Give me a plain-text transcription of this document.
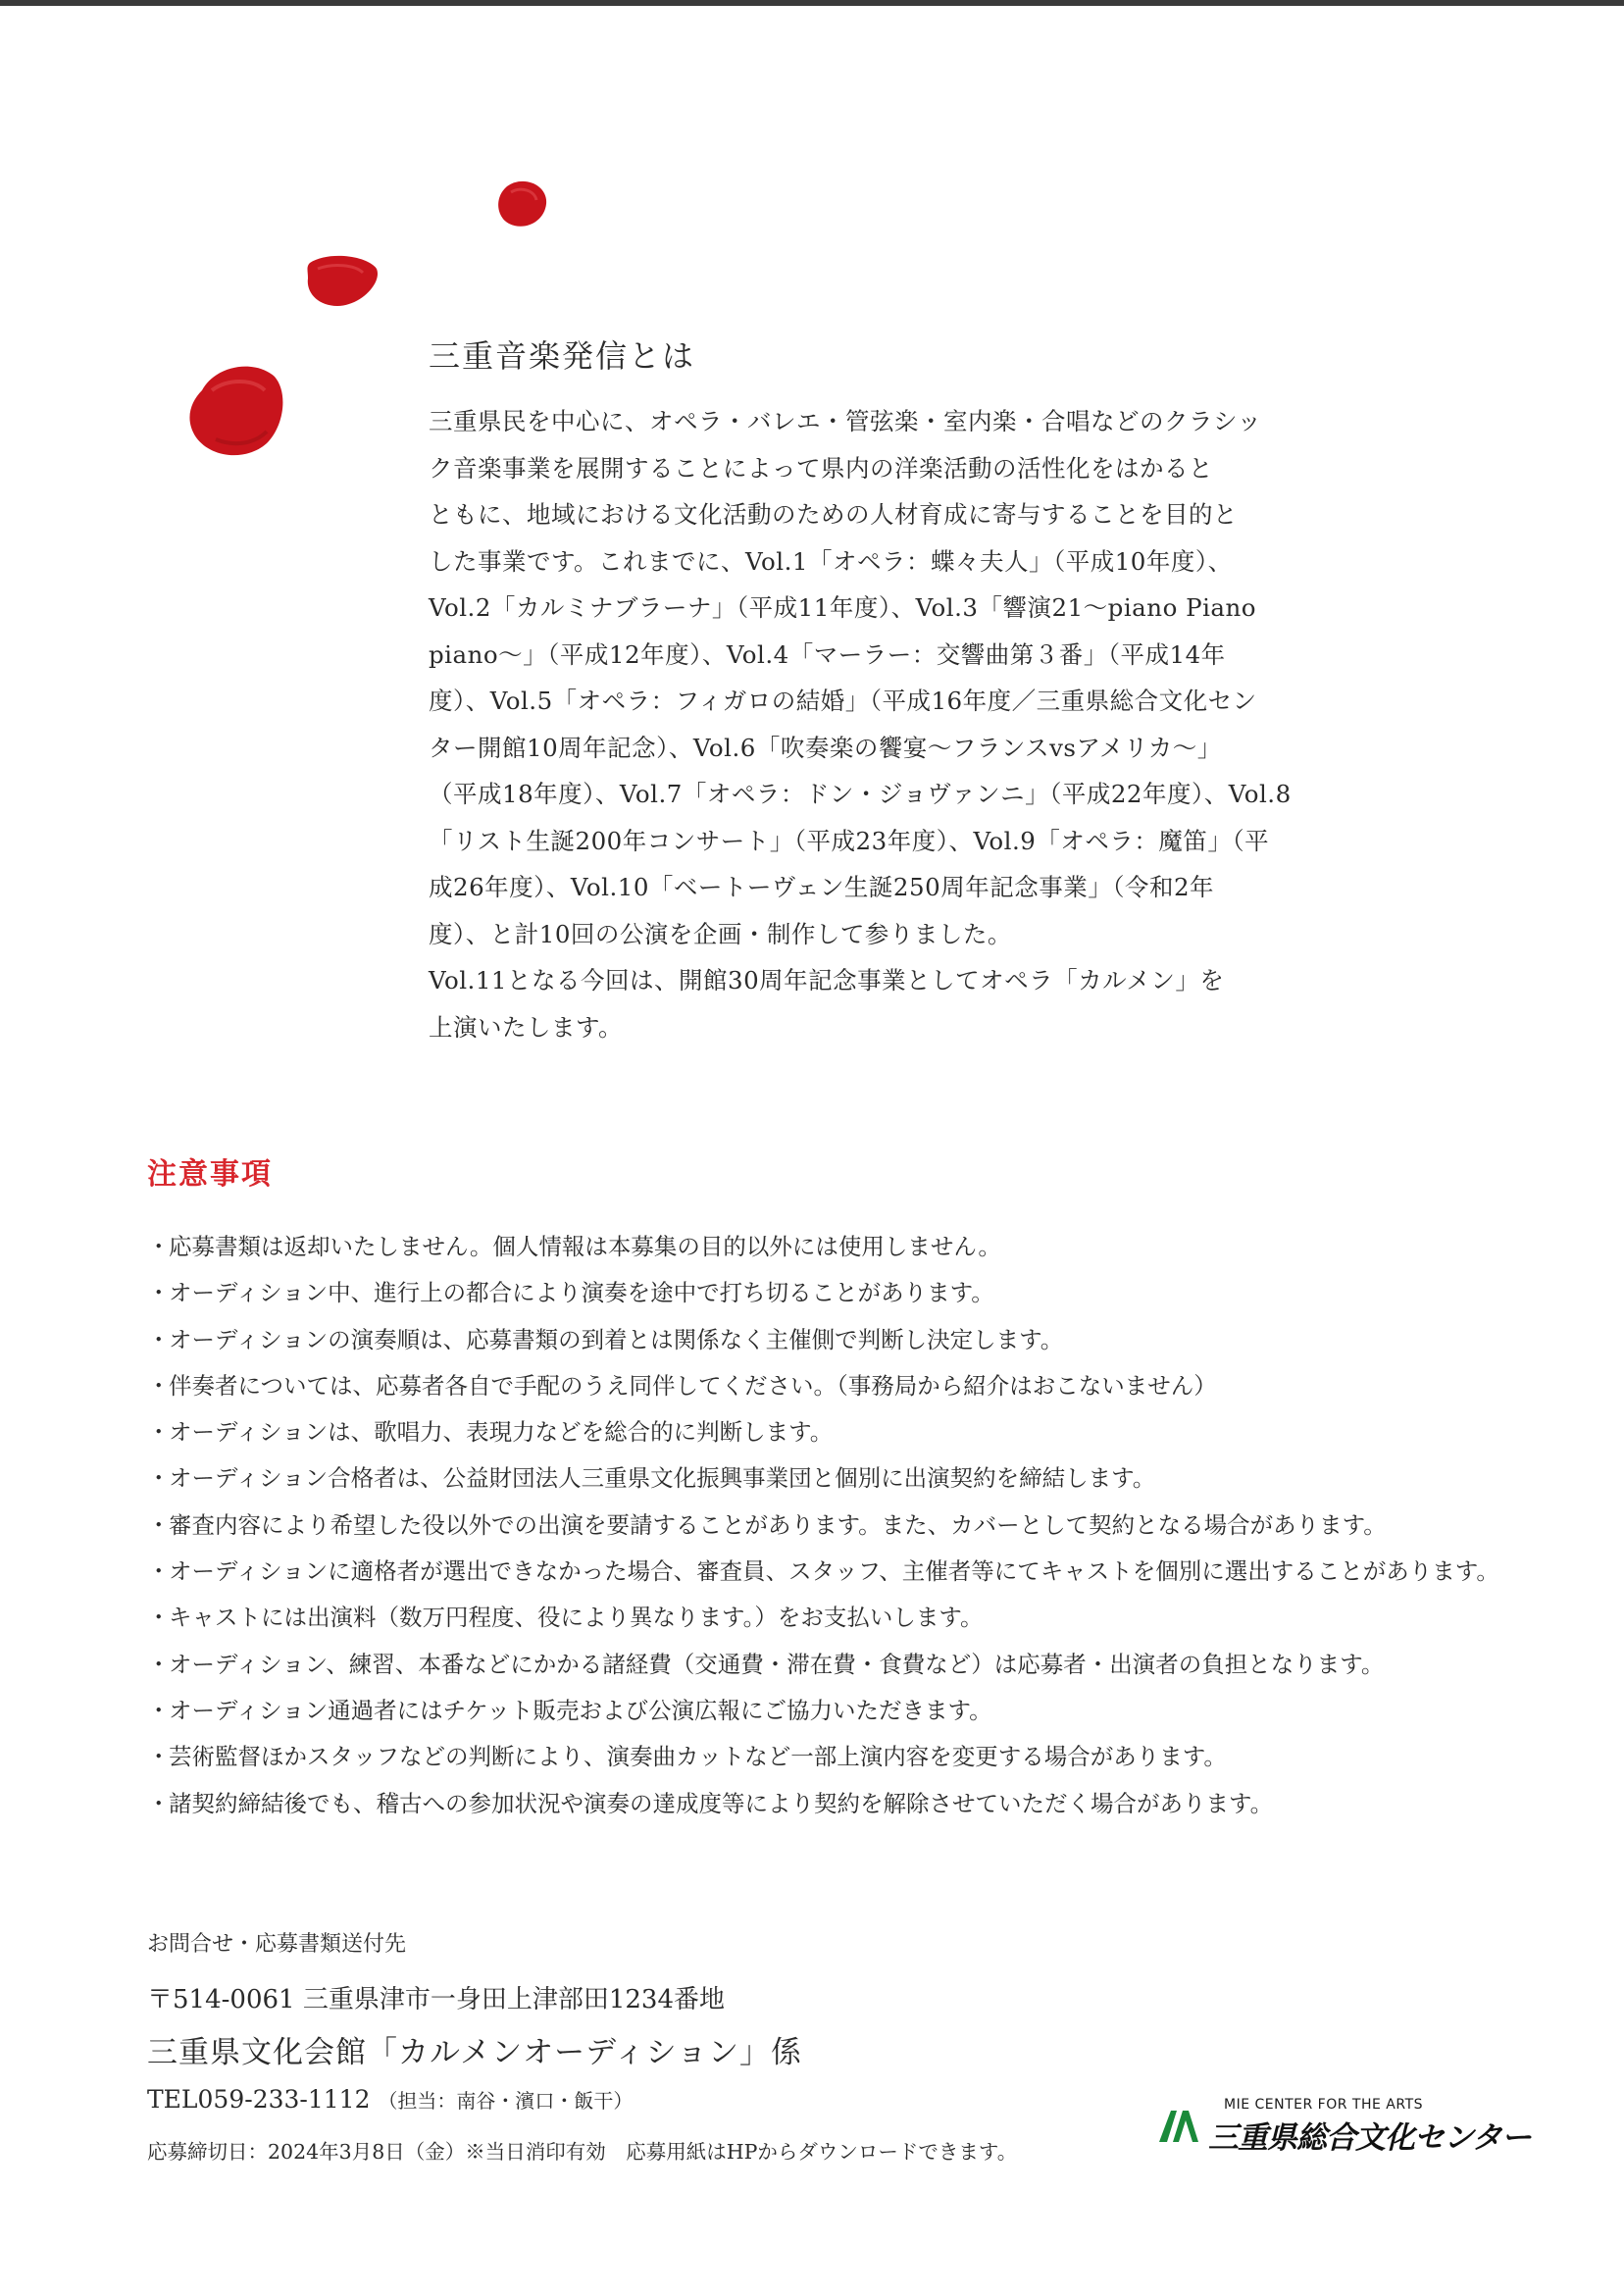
三重音楽発信とは
三重県民を中心に、オペラ・バレエ・管弦楽・室内楽・合唱などのクラシッ
ク音楽事業を展開することによって県内の洋楽活動の活性化をはかると
ともに、地域における文化活動のための人材育成に寄与することを目的と
した事業です。これまでに、Vol.1「オペラ：蝶々夫人」（平成10年度）、
Vol.2「カルミナブラーナ」（平成11年度）、Vol.3「響演21〜piano Piano
piano〜」（平成12年度）、Vol.4「マーラー：交響曲第３番」（平成14年
度）、Vol.5「オペラ：フィガロの結婚」（平成16年度／三重県総合文化セン
ター開館10周年記念）、Vol.6「吹奏楽の饗宴〜フランスvsアメリカ〜」
（平成18年度）、Vol.7「オペラ：ドン・ジョヴァンニ」（平成22年度）、Vol.8
「リスト生誕200年コンサート」（平成23年度）、Vol.9「オペラ：魔笛」（平
成26年度）、Vol.10「ベートーヴェン生誕250周年記念事業」（令和2年
度）、と計10回の公演を企画・制作して参りました。
Vol.11となる今回は、開館30周年記念事業としてオペラ「カルメン」を
上演いたします。
注意事項
・応募書類は返却いたしません。個人情報は本募集の目的以外には使用しません。
・オーディション中、進行上の都合により演奏を途中で打ち切ることがあります。
・オーディションの演奏順は、応募書類の到着とは関係なく主催側で判断し決定します。
・伴奏者については、応募者各自で手配のうえ同伴してください。（事務局から紹介はおこないません）
・オーディションは、歌唱力、表現力などを総合的に判断します。
・オーディション合格者は、公益財団法人三重県文化振興事業団と個別に出演契約を締結します。
・審査内容により希望した役以外での出演を要請することがあります。また、カバーとして契約となる場合があります。
・オーディションに適格者が選出できなかった場合、審査員、スタッフ、主催者等にてキャストを個別に選出することがあります。
・キャストには出演料（数万円程度、役により異なります。）をお支払いします。
・オーディション、練習、本番などにかかる諸経費（交通費・滞在費・食費など）は応募者・出演者の負担となります。
・オーディション通過者にはチケット販売および公演広報にご協力いただきます。
・芸術監督ほかスタッフなどの判断により、演奏曲カットなど一部上演内容を変更する場合があります。
・諸契約締結後でも、稽古への参加状況や演奏の達成度等により契約を解除させていただく場合があります。
お問合せ・応募書類送付先
〒514-0061 三重県津市一身田上津部田1234番地
三重県文化会館「カルメンオーディション」係
TEL059-233-1112 （担当：南谷・濱口・飯干）
応募締切日：2024年3月8日（金）※当日消印有効　応募用紙はHPからダウンロードできます。
MIE CENTER FOR THE ARTS
三重県総合文化センター
